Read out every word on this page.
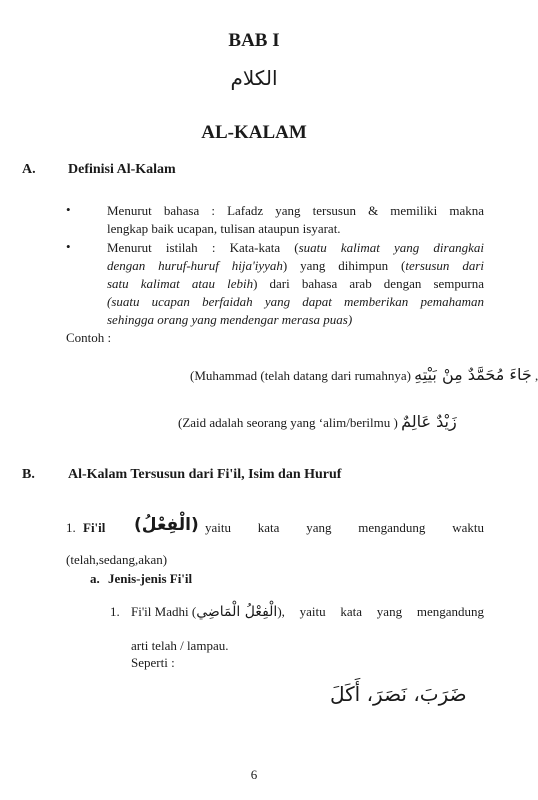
BAB I
الكلام
AL-KALAM
A. Definisi Al-Kalam
•	Menurut bahasa : Lafadz yang tersusun & memiliki makna
lengkap baik ucapan, tulisan ataupun isyarat.
•	Menurut istilah : Kata-kata (suatu kalimat yang dirangkai
dengan huruf-huruf hija'iyyah) yang dihimpun (tersusun dari
satu kalimat atau lebih) dari bahasa arab dengan sempurna
(suatu ucapan berfaidah yang dapat memberikan pemahaman
sehingga orang yang mendengar merasa puas)
Contoh :
(Muhammad (telah datang dari rumahnya) جَاءَ مُحَمَّدٌ مِنْ بَيْتِهِ ,
(Zaid adalah seorang yang ‘alim/berilmu ) زَيْدٌ عَالِمٌ
B. Al-Kalam Tersusun dari Fi'il, Isim dan Huruf
1. Fi'il (الْفِعْلُ) yaitu kata yang mengandung waktu
(telah,sedang,akan)
a. Jenis-jenis Fi'il
1. Fi'il Madhi ( الْفِعْلُ الْمَاضِي ), yaitu kata yang mengandung
arti telah / lampau.
Seperti :
ضَرَبَ، نَصَرَ، أَكَلَ
6
